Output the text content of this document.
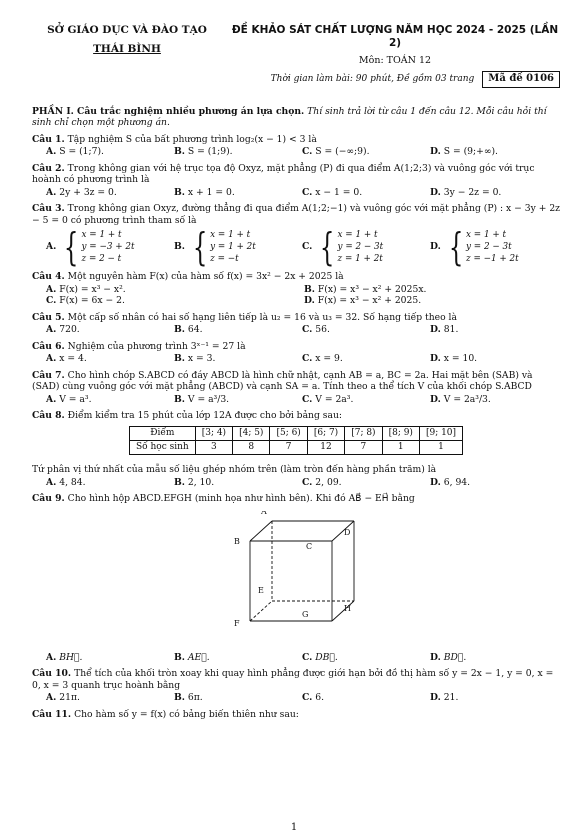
SỞ GIÁO DỤC VÀ ĐÀO TẠO
THÁI BÌNH
ĐỀ KHẢO SÁT CHẤT LƯỢNG NĂM HỌC 2024 - 2025 (LẦN 2)
Môn: TOÁN 12
Thời gian làm bài: 90 phút, Đề gồm 03 trang	Mã đề 0106
PHẦN I. Câu trắc nghiệm nhiều phương án lựa chọn. Thí sinh trả lời từ câu 1 đến câu 12. Mỗi câu hỏi thí sinh chỉ chọn một phương án.
Câu 1. Tập nghiệm S của bất phương trình log₂(x − 1) < 3 là
A. S = (1;7).	B. S = (1;9).	C. S = (−∞;9).	D. S = (9;+∞).
Câu 2. Trong không gian với hệ trục tọa độ Oxyz, mặt phẳng (P) đi qua điểm A(1;2;3) và vuông góc với trục hoành có phương trình là
A. 2y + 3z = 0.	B. x + 1 = 0.	C. x − 1 = 0.	D. 3y − 2z = 0.
Câu 3. Trong không gian Oxyz, đường thẳng đi qua điểm A(1;2;−1) và vuông góc với mặt phẳng (P) : x − 3y + 2z − 5 = 0 có phương trình tham số là
A. { x = 1 + t
y = −3 + 2t
z = 2 − t
B. { x = 1 + t
y = 1 + 2t
z = −t
C. { x = 1 + t
y = 2 − 3t
z = 1 + 2t
D. { x = 1 + t
y = 2 − 3t
z = −1 + 2t
Câu 4. Một nguyên hàm F(x) của hàm số f(x) = 3x² − 2x + 2025 là
A. F(x) = x³ − x².	B. F(x) = x³ − x² + 2025x.
C. F(x) = 6x − 2.	D. F(x) = x³ − x² + 2025.
Câu 5. Một cấp số nhân có hai số hạng liên tiếp là u₂ = 16 và u₃ = 32. Số hạng tiếp theo là
A. 720.	B. 64.	C. 56.	D. 81.
Câu 6. Nghiệm của phương trình 3ˣ⁻¹ = 27 là
A. x = 4.	B. x = 3.	C. x = 9.	D. x = 10.
Câu 7. Cho hình chóp S.ABCD có đáy ABCD là hình chữ nhật, cạnh AB = a, BC = 2a. Hai mặt bên (SAB) và (SAD) cùng vuông góc với mặt phẳng (ABCD) và cạnh SA = a. Tính theo a thể tích V của khối chóp S.ABCD
A. V = a³.	B. V = a³/3.	C. V = 2a³.	D. V = 2a³/3.
Câu 8. Điểm kiểm tra 15 phút của lớp 12A được cho bởi bảng sau:
Điểm	[3; 4)	[4; 5)	[5; 6)	[6; 7)	[7; 8)	[8; 9)	[9; 10]
Số học sinh	3	8	7	12	7	1	1
Tứ phân vị thứ nhất của mẫu số liệu ghép nhóm trên (làm tròn đến hàng phần trăm) là
A. 4, 84.	B. 2, 10.	C. 2, 09.	D. 6, 94.
Câu 9. Cho hình hộp ABCD.EFGH (minh họa như hình bên). Khi đó AB⃗ − EH⃗ bằng
A
B
C
D
E
F
G
H
A. BH⃗.	B. AE⃗.	C. DB⃗.	D. BD⃗.
Câu 10. Thể tích của khối tròn xoay khi quay hình phẳng được giới hạn bởi đồ thị hàm số y = 2x − 1, y = 0, x = 0, x = 3 quanh trục hoành bằng
A. 21π.	B. 6π.	C. 6.	D. 21.
Câu 11. Cho hàm số y = f(x) có bảng biến thiên như sau:
1
